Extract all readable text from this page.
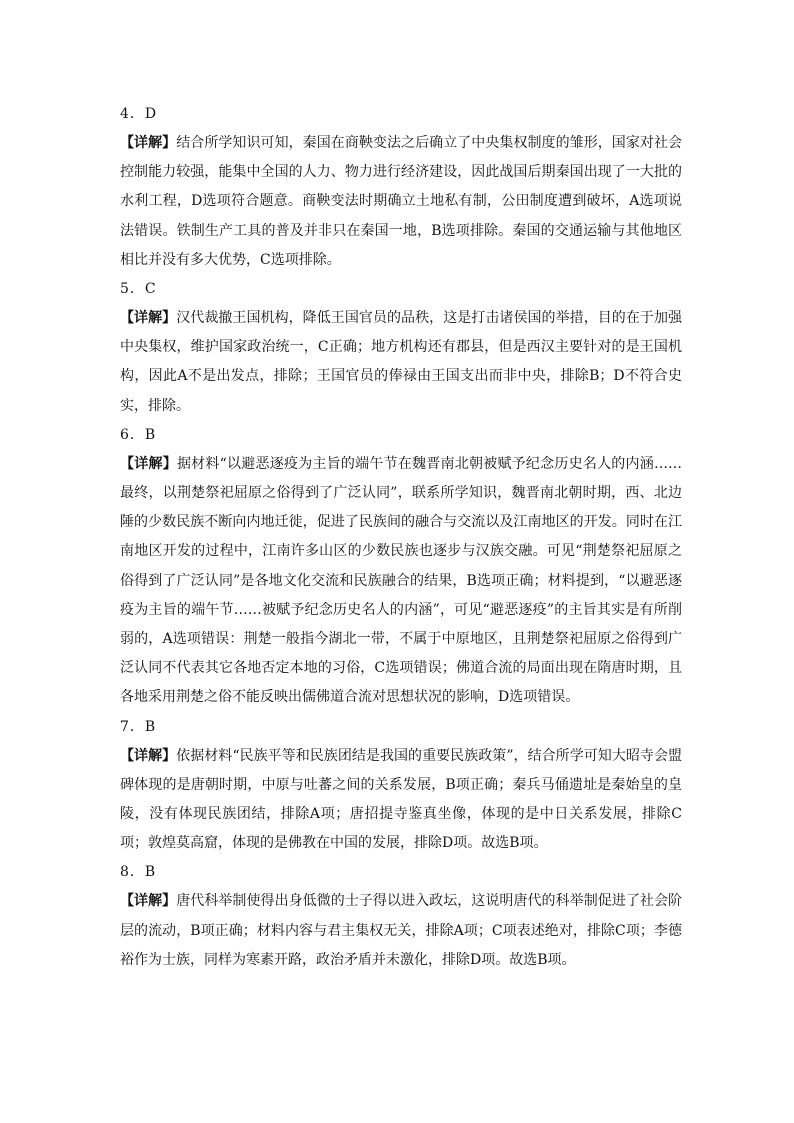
4．D

【详解】结合所学知识可知，秦国在商鞅变法之后确立了中央集权制度的雏形，国家对社会控制能力较强，能集中全国的人力、物力进行经济建设，因此战国后期秦国出现了一大批的水利工程，D选项符合题意。商鞅变法时期确立土地私有制，公田制度遭到破坏，A选项说法错误。铁制生产工具的普及并非只在秦国一地，B选项排除。秦国的交通运输与其他地区相比并没有多大优势，C选项排除。

5．C

【详解】汉代裁撤王国机构，降低王国官员的品秩，这是打击诸侯国的举措，目的在于加强中央集权，维护国家政治统一，C正确；地方机构还有郡县，但是西汉主要针对的是王国机构，因此A不是出发点，排除；王国官员的俸禄由王国支出而非中央，排除B；D不符合史实，排除。

6．B

【详解】据材料“以避恶逐疫为主旨的端午节在魏晋南北朝被赋予纪念历史名人的内涵……最终，以荆楚祭祀屈原之俗得到了广泛认同”，联系所学知识，魏晋南北朝时期，西、北边陲的少数民族不断向内地迁徙，促进了民族间的融合与交流以及江南地区的开发。同时在江南地区开发的过程中，江南许多山区的少数民族也逐步与汉族交融。可见“荆楚祭祀屈原之俗得到了广泛认同”是各地文化交流和民族融合的结果，B选项正确；材料提到，“以避恶逐疫为主旨的端午节……被赋予纪念历史名人的内涵”，可见“避恶逐疫”的主旨其实是有所削弱的，A选项错误：荆楚一般指今湖北一带，不属于中原地区，且荆楚祭祀屈原之俗得到广泛认同不代表其它各地否定本地的习俗，C选项错误；佛道合流的局面出现在隋唐时期，且各地采用荆楚之俗不能反映出儒佛道合流对思想状况的影响，D选项错误。

7．B

【详解】依据材料“民族平等和民族团结是我国的重要民族政策”，结合所学可知大昭寺会盟碑体现的是唐朝时期，中原与吐蕃之间的关系发展，B项正确；秦兵马俑遗址是秦始皇的皇陵，没有体现民族团结，排除A项；唐招提寺鉴真坐像，体现的是中日关系发展，排除C项；敦煌莫高窟，体现的是佛教在中国的发展，排除D项。故选B项。

8．B

【详解】唐代科举制使得出身低微的士子得以进入政坛，这说明唐代的科举制促进了社会阶层的流动，B项正确；材料内容与君主集权无关，排除A项；C项表述绝对，排除C项；李德裕作为士族，同样为寒素开路，政治矛盾并未激化，排除D项。故选B项。
